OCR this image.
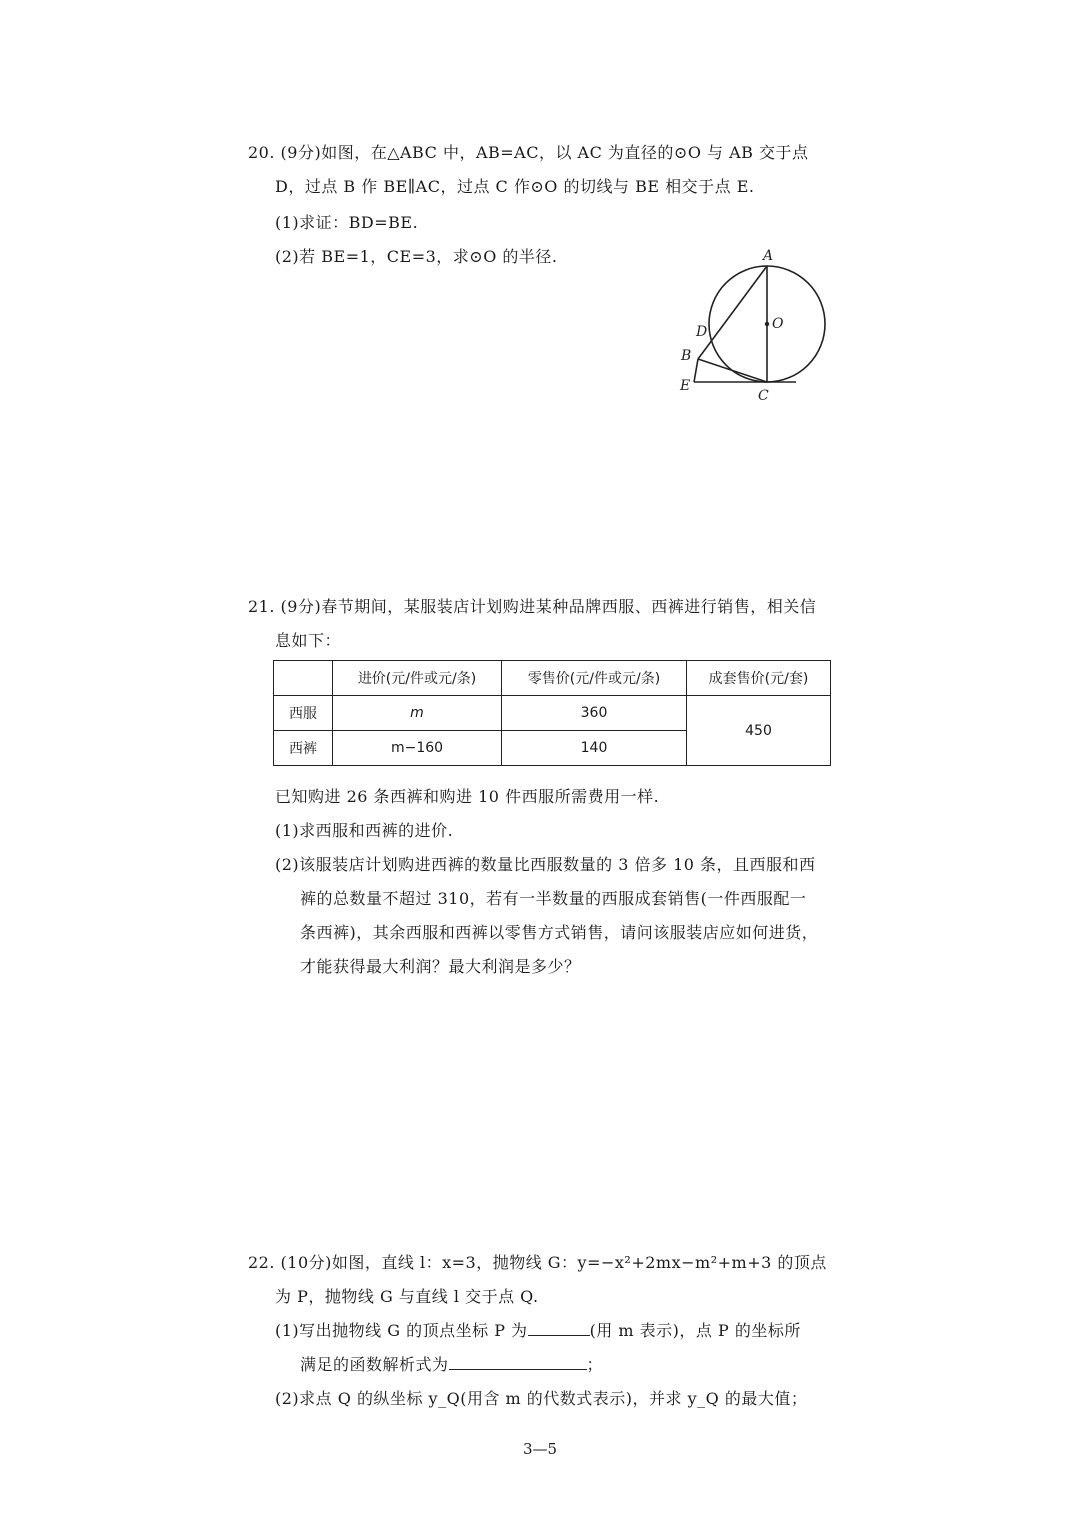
20. (9分)如图，在△ABC 中，AB=AC，以 AC 为直径的⊙O 与 AB 交于点
D，过点 B 作 BE∥AC，过点 C 作⊙O 的切线与 BE 相交于点 E.
(1)求证：BD=BE.
(2)若 BE=1，CE=3，求⊙O 的半径.	A
O
D
B
E
C
21. (9分)春节期间，某服装店计划购进某种品牌西服、西裤进行销售，相关信
息如下：
	进价(元/件或元/条)	零售价(元/件或元/条)	成套售价(元/套)
西服	m	360	450
西裤	m−160	140	
已知购进 26 条西裤和购进 10 件西服所需费用一样.
(1)求西服和西裤的进价.
(2)该服装店计划购进西裤的数量比西服数量的 3 倍多 10 条，且西服和西
裤的总数量不超过 310，若有一半数量的西服成套销售(一件西服配一
条西裤)，其余西服和西裤以零售方式销售，请问该服装店应如何进货，
才能获得最大利润？最大利润是多少？
22. (10分)如图，直线 l：x=3，抛物线 G：y=−x²+2mx−m²+m+3 的顶点
为 P，抛物线 G 与直线 l 交于点 Q.
(1)写出抛物线 G 的顶点坐标 P 为	(用 m 表示)，点 P 的坐标所
满足的函数解析式为	；
(2)求点 Q 的纵坐标 y_Q(用含 m 的代数式表示)，并求 y_Q 的最大值；
3—5
